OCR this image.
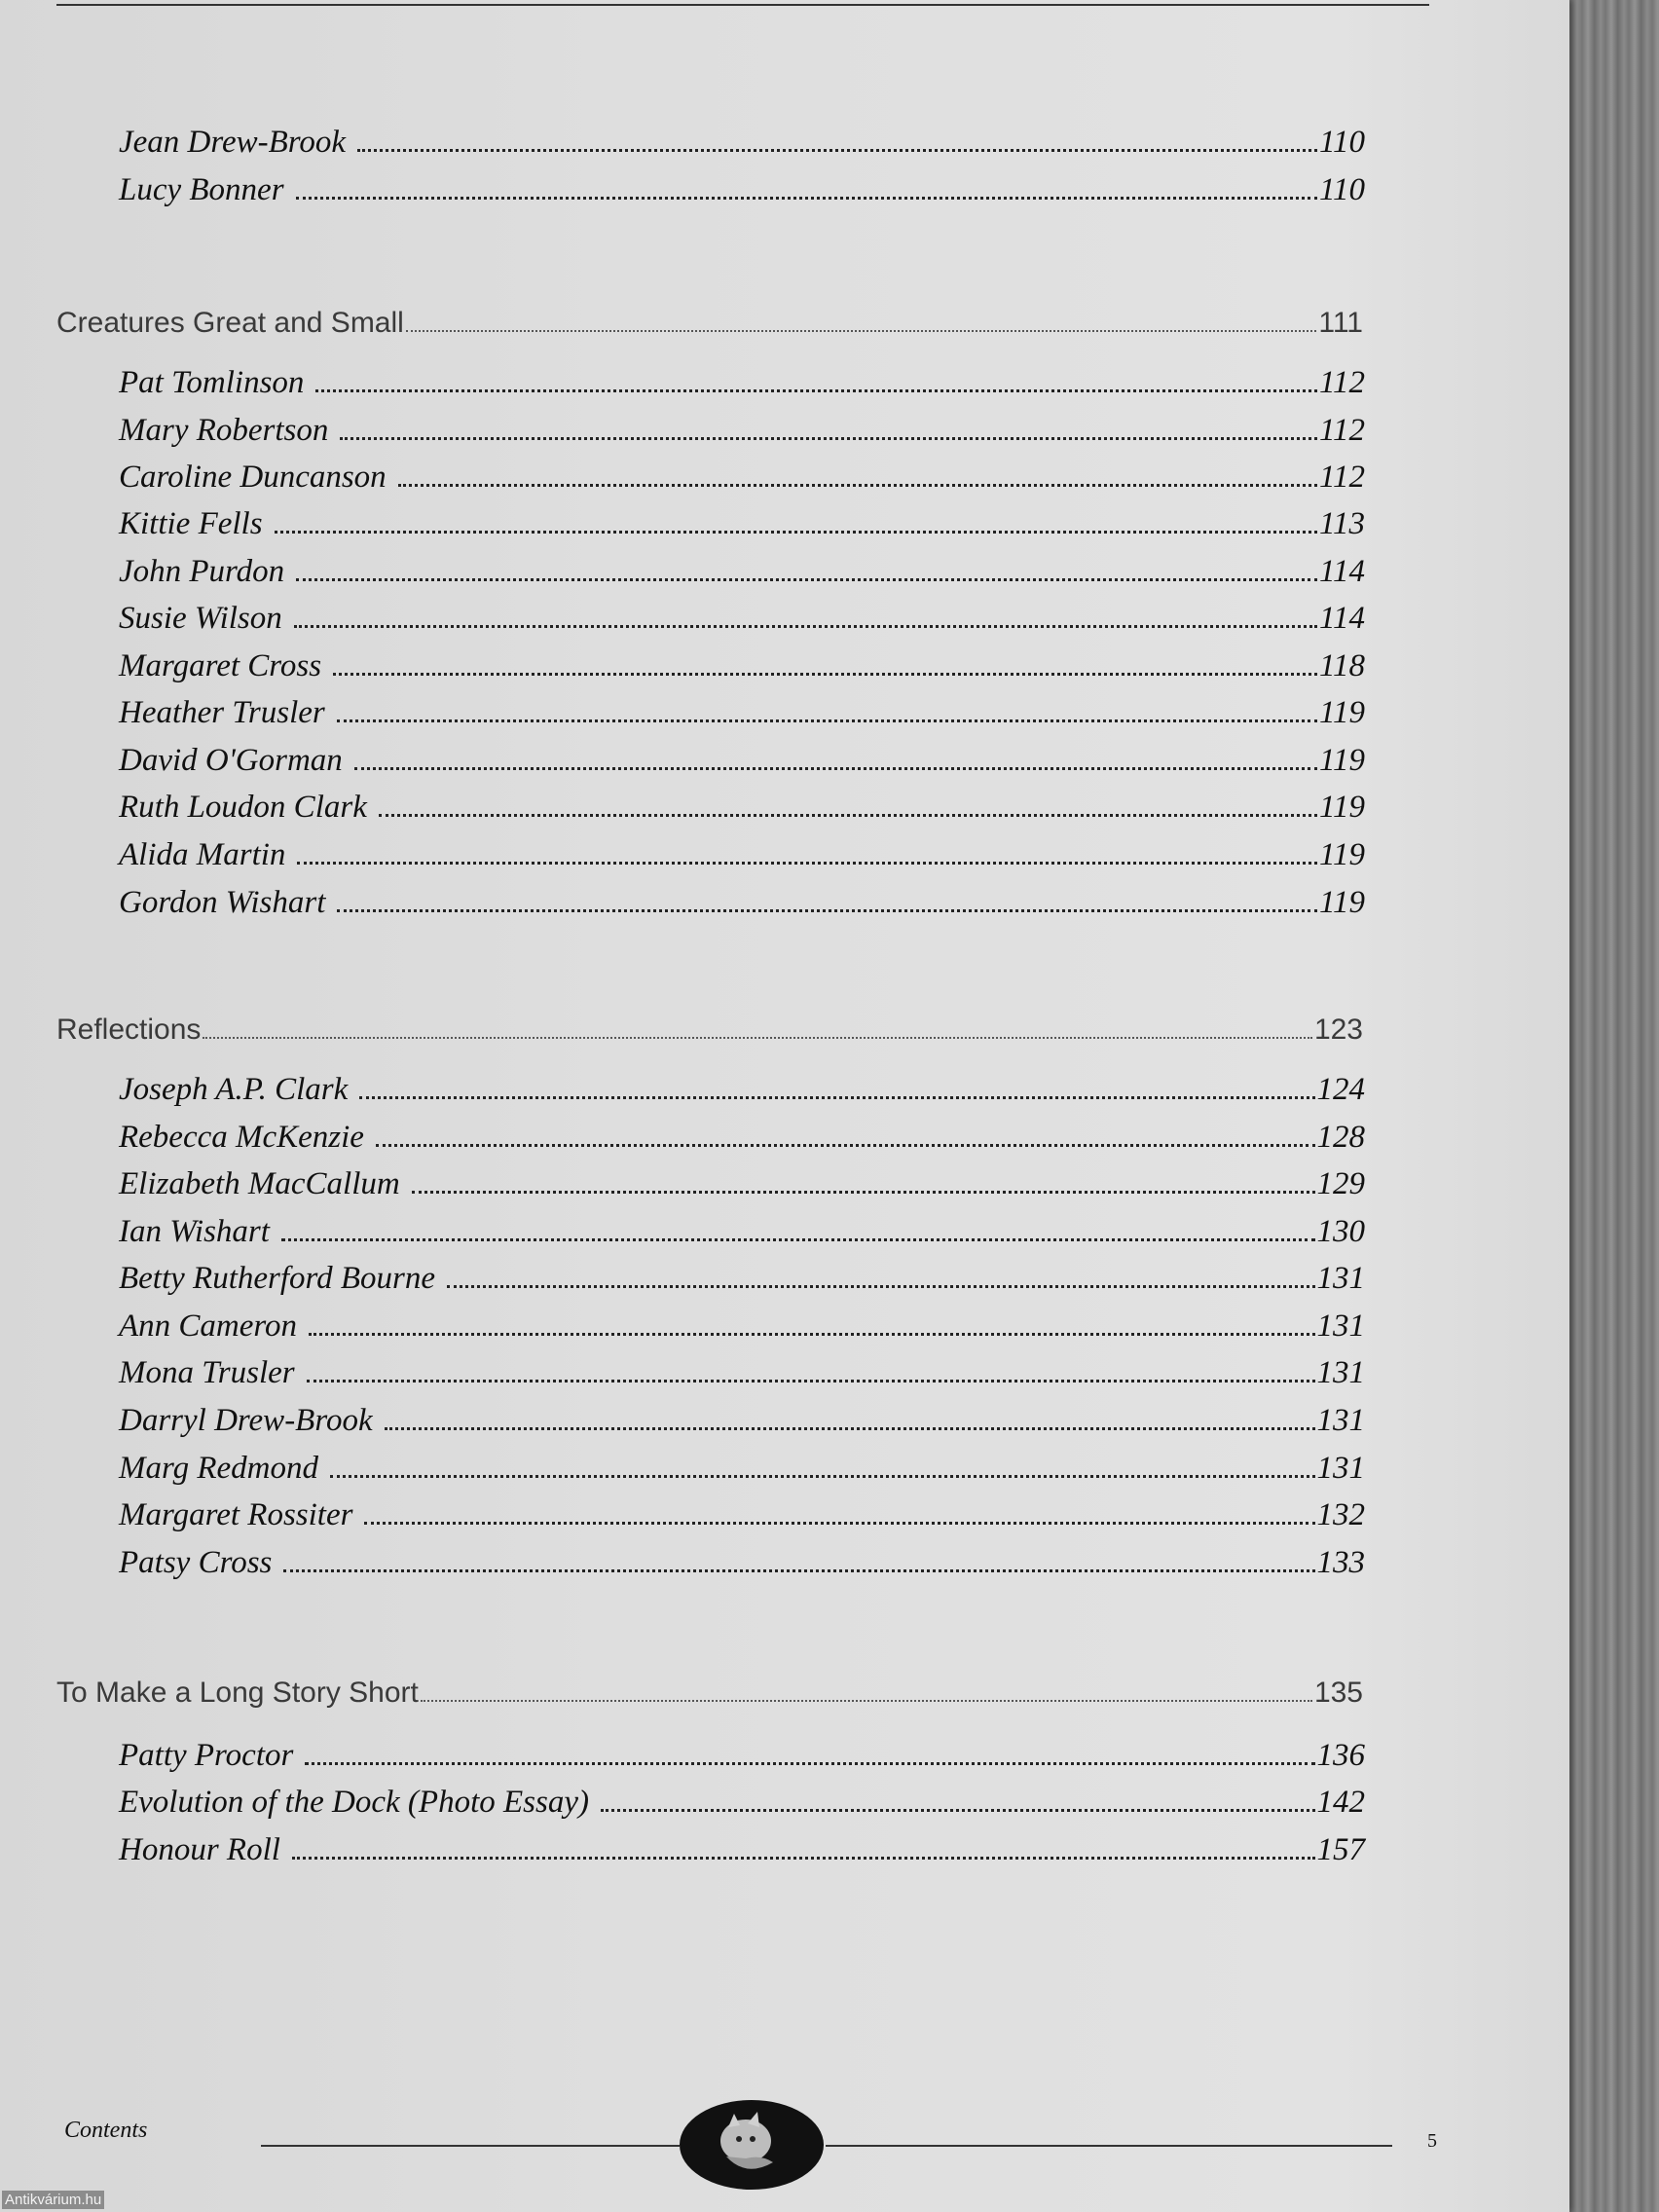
Jean Drew-Brook	110
Lucy Bonner	110
Creatures Great and Small	111
Pat Tomlinson	112
Mary Robertson	112
Caroline Duncanson	112
Kittie Fells	113
John Purdon	114
Susie Wilson	114
Margaret Cross	118
Heather Trusler	119
David O'Gorman	119
Ruth Loudon Clark	119
Alida Martin	119
Gordon Wishart	119
Reflections	123
Joseph A.P. Clark	124
Rebecca McKenzie	128
Elizabeth MacCallum	129
Ian Wishart	130
Betty Rutherford Bourne	131
Ann Cameron	131
Mona Trusler	131
Darryl Drew-Brook	131
Marg Redmond	131
Margaret Rossiter	132
Patsy Cross	133
To Make a Long Story Short	135
Patty Proctor	136
Evolution of the Dock (Photo Essay)	142
Honour Roll	157
Contents	5
Antikvárium.hu
